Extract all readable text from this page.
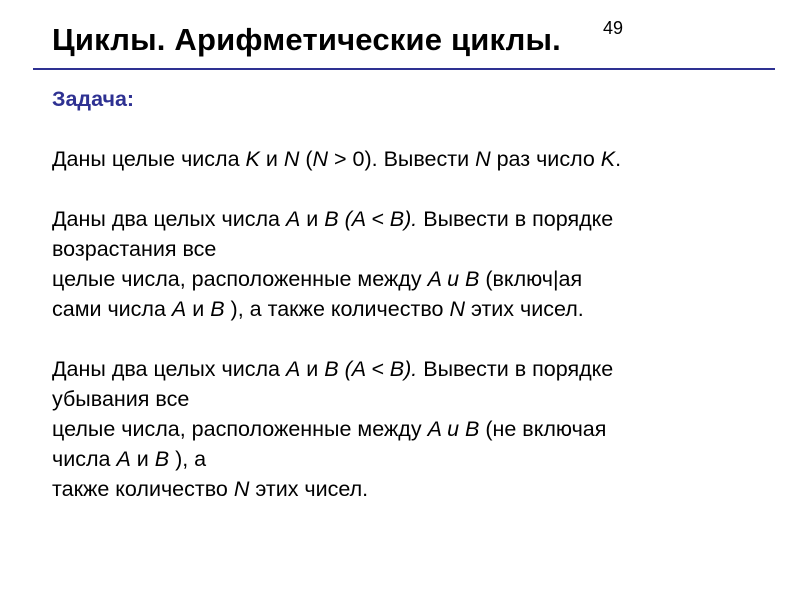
Циклы. Арифметические циклы. 49
Задача:
Даны целые числа K и N (N > 0). Вывести N раз число K.
Даны два целых числа A и B (A < B). Вывести в порядке
возрастания все
целые числа, расположенные между A и B (включ|ая
сами числа A и B ), а также количество N этих чисел.
Даны два целых числа A и B (A < B). Вывести в порядке
убывания все
целые числа, расположенные между A и B (не включая
числа A и B ), а
также количество N этих чисел.
